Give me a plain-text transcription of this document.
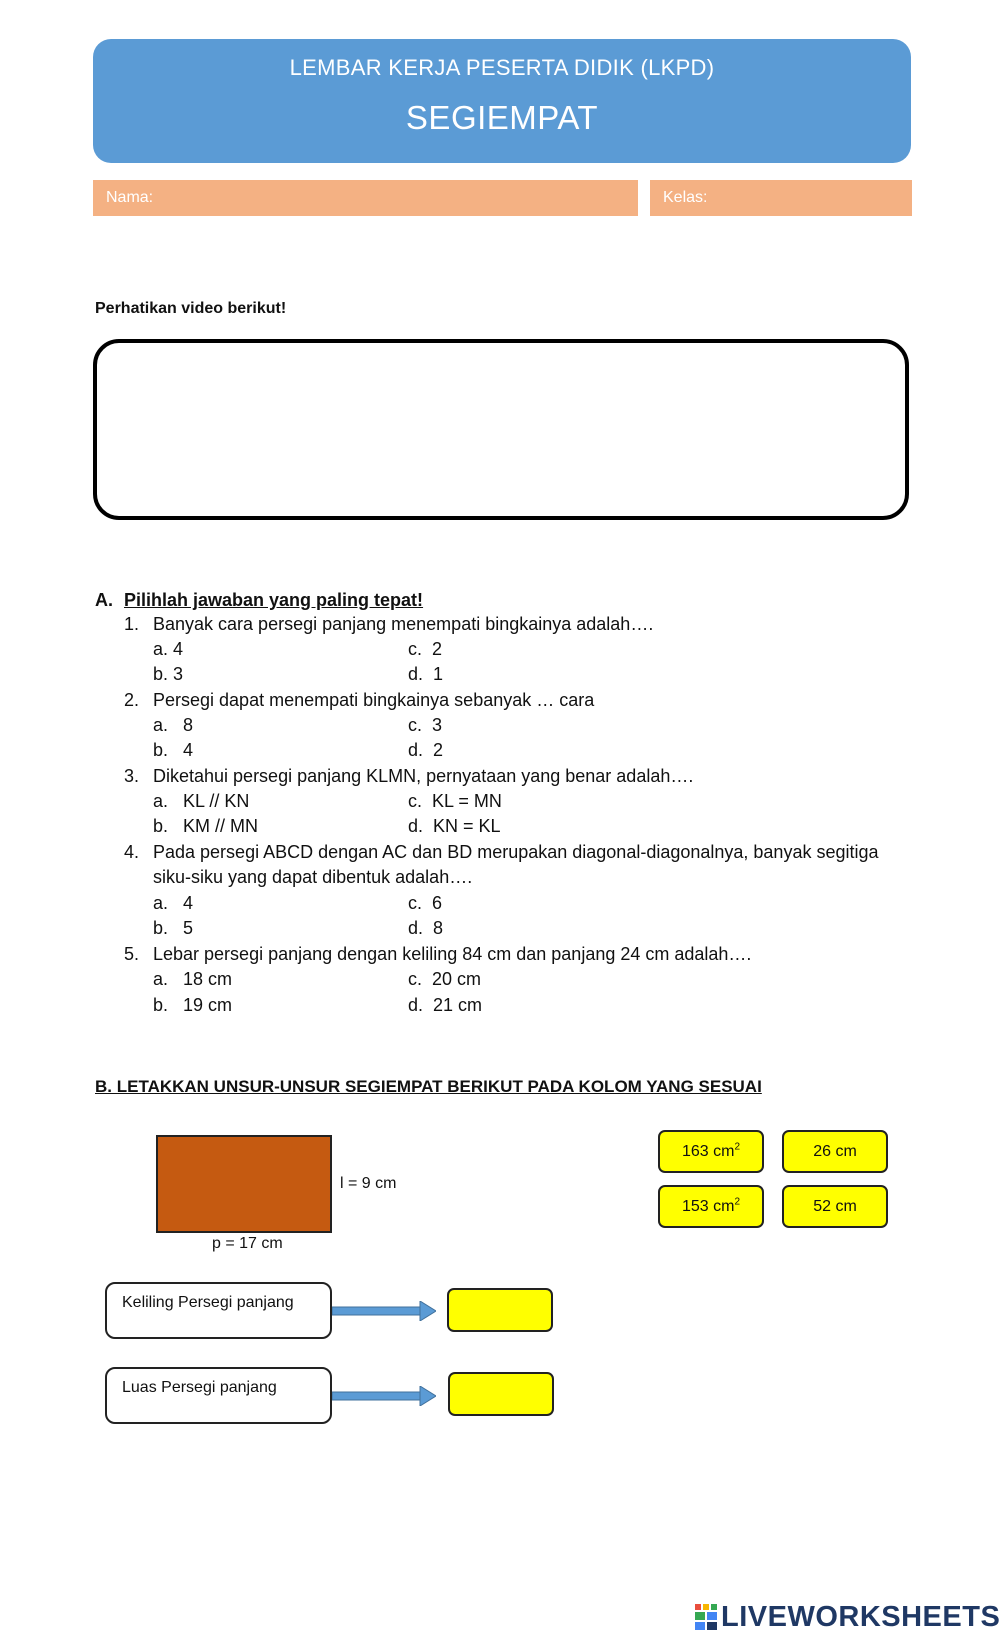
LEMBAR KERJA PESERTA DIDIK (LKPD)
SEGIEMPAT
Nama:	Kelas:
Perhatikan video berikut!
A. Pilihlah jawaban yang paling tepat!
1. Banyak cara persegi panjang menempati bingkainya adalah….
a. 4
b. 3
c. 2
d. 1
2. Persegi dapat menempati bingkainya sebanyak … cara
a. 8
b. 4
c. 3
d. 2
3. Diketahui persegi panjang KLMN, pernyataan yang benar adalah….
a. KL // KN
b. KM // MN
c. KL = MN
d. KN = KL
4. Pada persegi ABCD dengan AC dan BD merupakan diagonal-diagonalnya, banyak segitiga
siku-siku yang dapat dibentuk adalah….
a. 4
b. 5
c. 6
d. 8
5. Lebar persegi panjang dengan keliling 84 cm dan panjang 24 cm adalah….
a. 18 cm
b. 19 cm
c. 20 cm
d. 21 cm
B. LETAKKAN UNSUR-UNSUR SEGIEMPAT BERIKUT PADA KOLOM YANG SESUAI
l = 9 cm
p = 17 cm
163 $cm^2$	26 cm
153 $cm^2$	52 cm
Keliling Persegi panjang
Luas Persegi panjang
LIVEWORKSHEETS
